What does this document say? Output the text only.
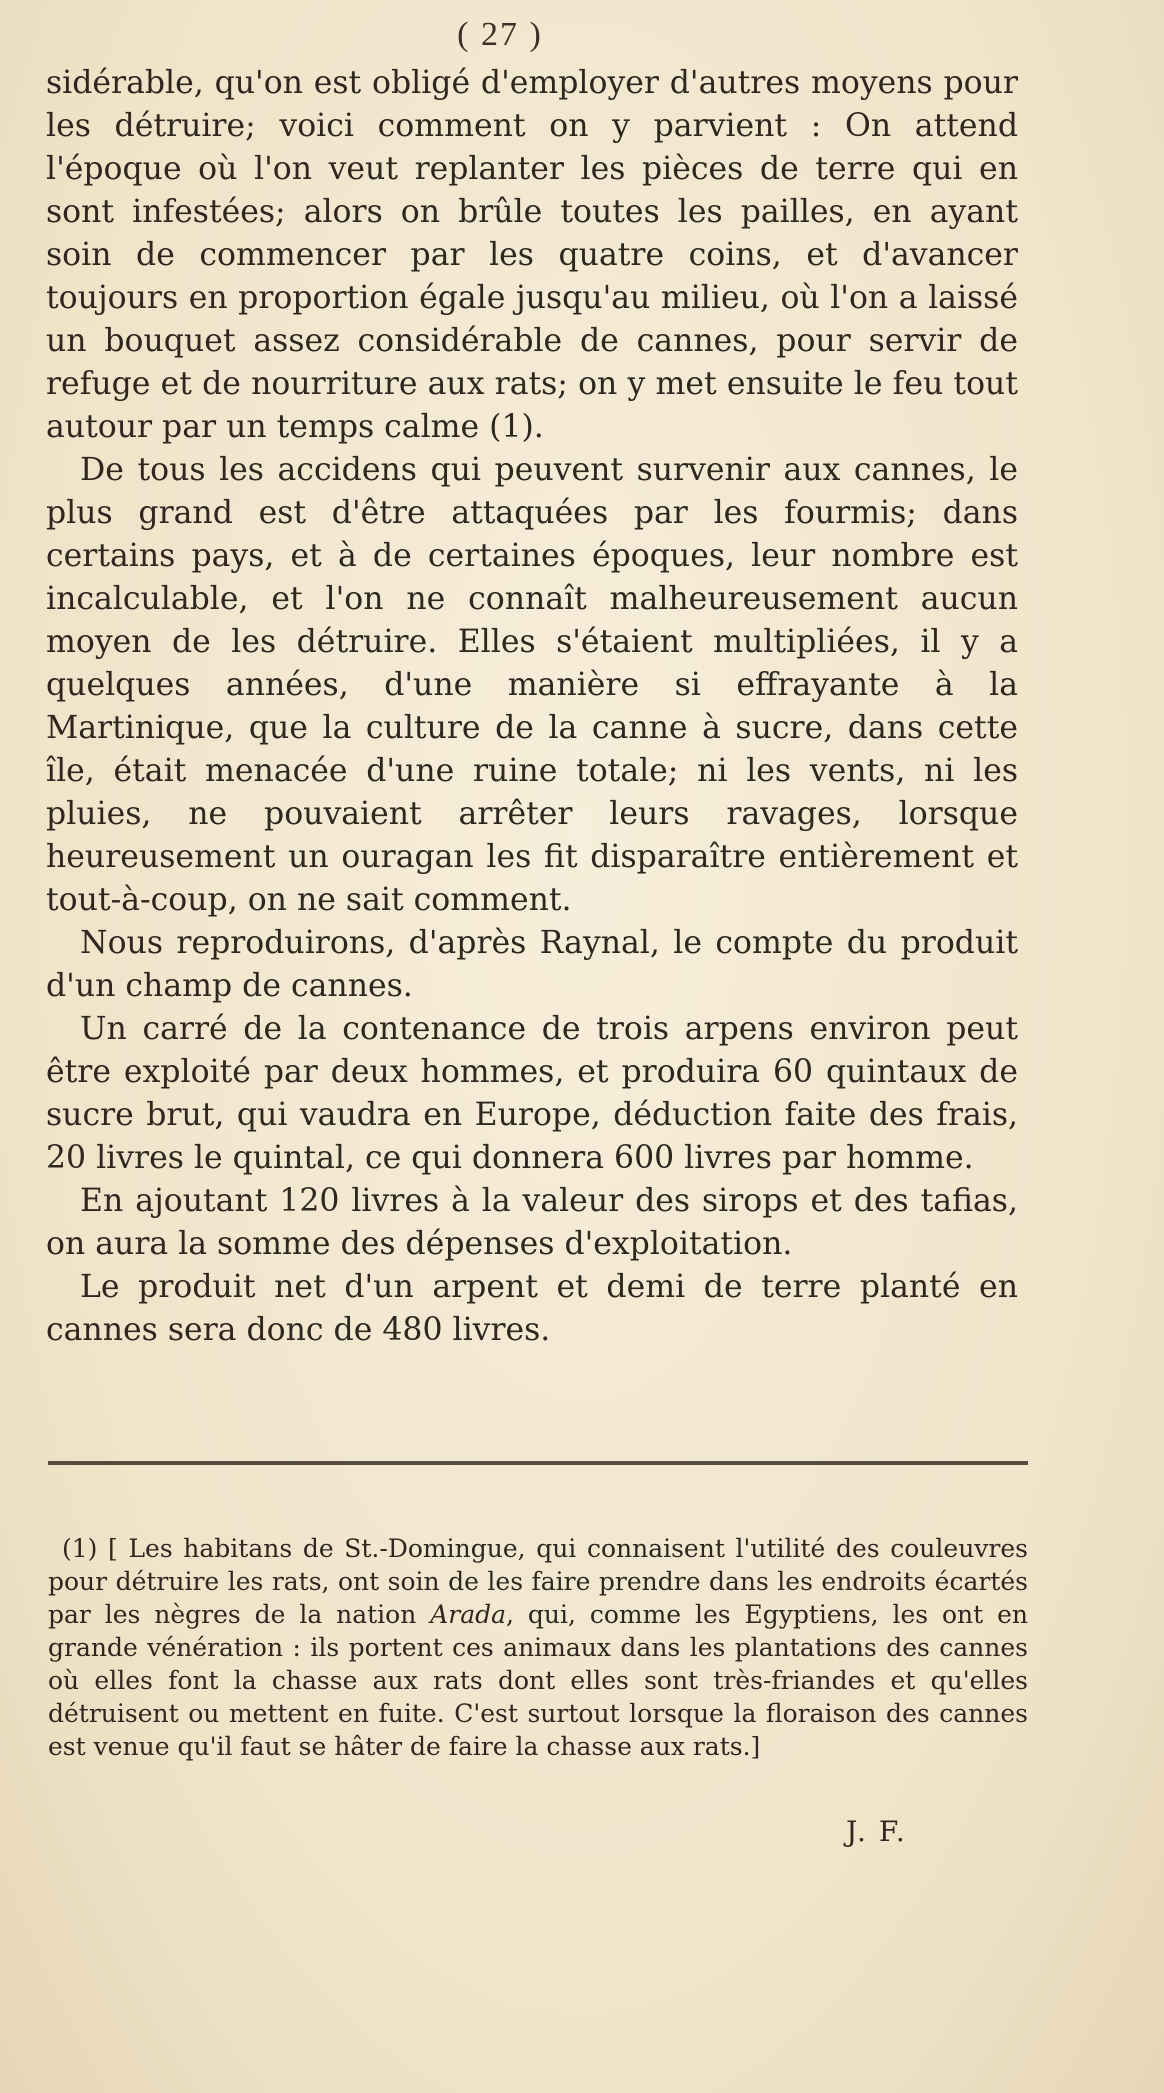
( 27 )

sidérable, qu'on est obligé d'employer d'autres moyens pour les détruire; voici comment on y parvient : On attend l'époque où l'on veut replanter les pièces de terre qui en sont infestées; alors on brûle toutes les pailles, en ayant soin de commencer par les quatre coins, et d'avancer toujours en proportion égale jusqu'au milieu, où l'on a laissé un bouquet assez considérable de cannes, pour servir de refuge et de nourriture aux rats; on y met ensuite le feu tout autour par un temps calme (1).

De tous les accidens qui peuvent survenir aux cannes, le plus grand est d'être attaquées par les fourmis; dans certains pays, et à de certaines époques, leur nombre est incalculable, et l'on ne connaît malheureusement aucun moyen de les détruire. Elles s'étaient multipliées, il y a quelques années, d'une manière si effrayante à la Martinique, que la culture de la canne à sucre, dans cette île, était menacée d'une ruine totale; ni les vents, ni les pluies, ne pouvaient arrêter leurs ravages, lorsque heureusement un ouragan les fit disparaître entièrement et tout-à-coup, on ne sait comment.

Nous reproduirons, d'après Raynal, le compte du produit d'un champ de cannes.

Un carré de la contenance de trois arpens environ peut être exploité par deux hommes, et produira 60 quintaux de sucre brut, qui vaudra en Europe, déduction faite des frais, 20 livres le quintal, ce qui donnera 600 livres par homme.

En ajoutant 120 livres à la valeur des sirops et des tafias, on aura la somme des dépenses d'exploitation.

Le produit net d'un arpent et demi de terre planté en cannes sera donc de 480 livres.

(1) [ Les habitans de St.-Domingue, qui connaisent l'utilité des couleuvres pour détruire les rats, ont soin de les faire prendre dans les endroits écartés par les nègres de la nation Arada, qui, comme les Egyptiens, les ont en grande vénération : ils portent ces animaux dans les plantations des cannes où elles font la chasse aux rats dont elles sont très-friandes et qu'elles détruisent ou mettent en fuite. C'est surtout lorsque la floraison des cannes est venue qu'il faut se hâter de faire la chasse aux rats.]

J. F.
